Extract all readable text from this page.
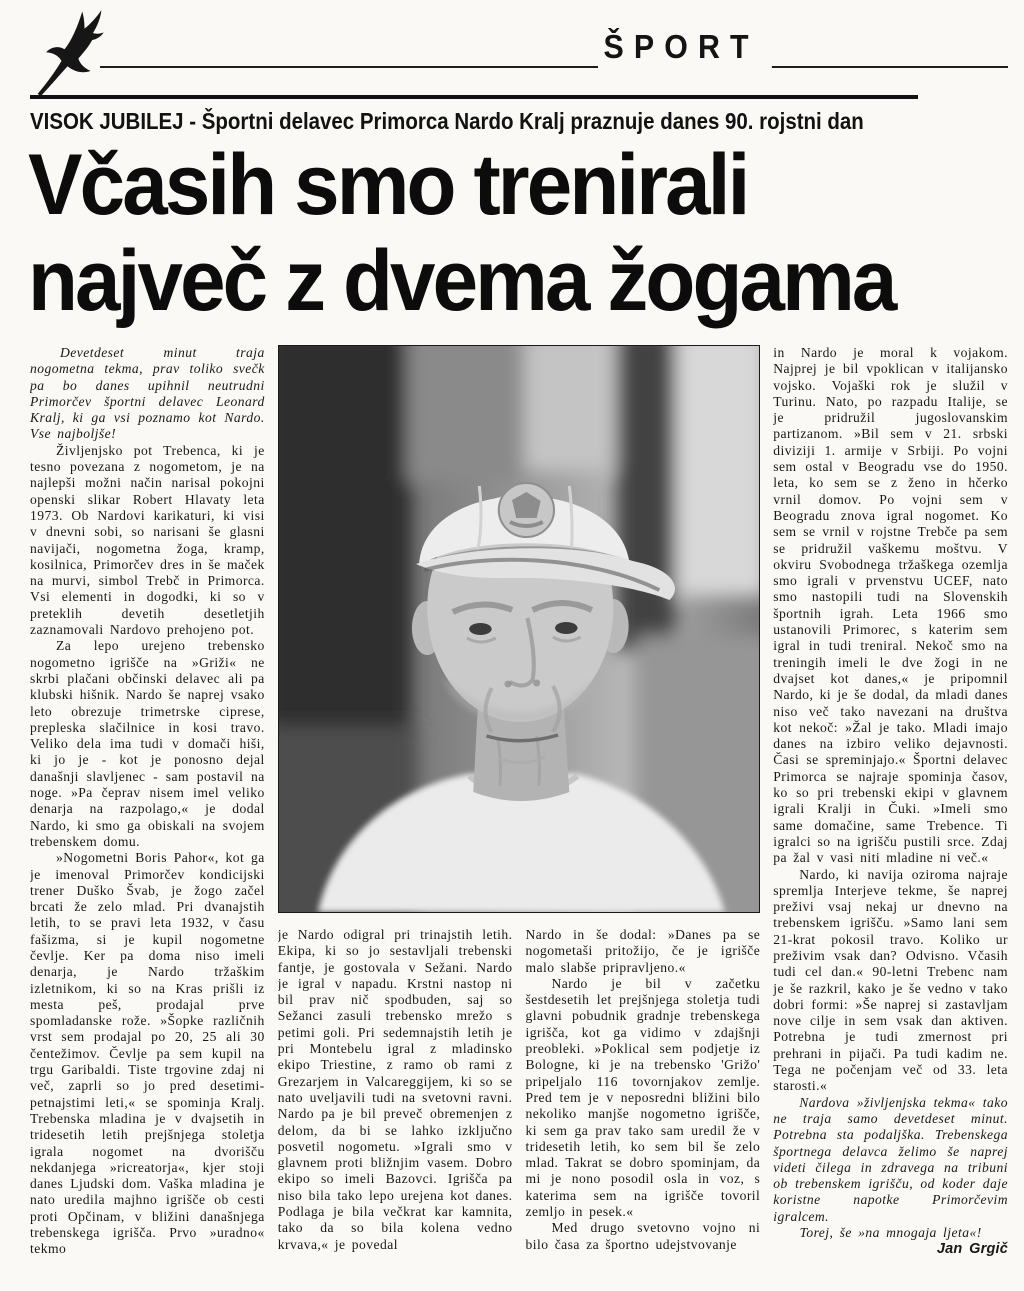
ŠPORT
VISOK JUBILEJ - Športni delavec Primorca Nardo Kralj praznuje danes 90. rojstni dan
Včasih smo trenirali
največ z dvema žogama

Devetdeset minut traja nogometna tekma, prav toliko svečk pa bo danes upihnil neutrudni Primorčev športni delavec Leonard Kralj, ki ga vsi poznamo kot Nardo. Vse najboljše!

Življenjsko pot Trebenca, ki je tesno povezana z nogometom, je na najlepši možni način narisal pokojni openski slikar Robert Hlavaty leta 1973. Ob Nardovi karikaturi, ki visi v dnevni sobi, so narisani še glasni navijači, nogometna žoga, kramp, kosilnica, Primorčev dres in še maček na murvi, simbol Trebč in Primorca. Vsi elementi in dogodki, ki so v preteklih devetih desetletjih zaznamovali Nardovo prehojeno pot.

Za lepo urejeno trebensko nogometno igrišče na »Griži« ne skrbi plačani občinski delavec ali pa klubski hišnik. Nardo še naprej vsako leto obrezuje trimetrske ciprese, prepleska slačilnice in kosi travo. Veliko dela ima tudi v domači hiši, ki jo je - kot je ponosno dejal današnji slavljenec - sam postavil na noge. »Pa čeprav nisem imel veliko denarja na razpolago,« je dodal Nardo, ki smo ga obiskali na svojem trebenskem domu.

»Nogometni Boris Pahor«, kot ga je imenoval Primorčev kondicijski trener Duško Švab, je žogo začel brcati že zelo mlad. Pri dvanajstih letih, to se pravi leta 1932, v času fašizma, si je kupil nogometne čevlje. Ker pa doma niso imeli denarja, je Nardo tržaškim izletnikom, ki so na Kras prišli iz mesta peš, prodajal prve spomladanske rože. »Šopke različnih vrst sem prodajal po 20, 25 ali 30 čentežimov. Čevlje pa sem kupil na trgu Garibaldi. Tiste trgovine zdaj ni več, zaprli so jo pred desetimi-petnajstimi leti,« se spominja Kralj. Trebenska mladina je v dvajsetih in tridesetih letih prejšnjega stoletja igrala nogomet na dvorišču nekdanjega »ricreatorja«, kjer stoji danes Ljudski dom. Vaška mladina je nato uredila majhno igrišče ob cesti proti Opčinam, v bližini današnjega trebenskega igrišča. Prvo »uradno« tekmo

je Nardo odigral pri trinajstih letih. Ekipa, ki so jo sestavljali trebenski fantje, je gostovala v Sežani. Nardo je igral v napadu. Krstni nastop ni bil prav nič spodbuden, saj so Sežanci zasuli trebensko mrežo s petimi goli. Pri sedemnajstih letih je pri Montebelu igral z mladinsko ekipo Triestine, z ramo ob rami z Grezarjem in Valcareggijem, ki so se nato uveljavili tudi na svetovni ravni. Nardo pa je bil preveč obremenjen z delom, da bi se lahko izključno posvetil nogometu. »Igrali smo v glavnem proti bližnjim vasem. Dobro ekipo so imeli Bazovci. Igrišča pa niso bila tako lepo urejena kot danes. Podlaga je bila večkrat kar kamnita, tako da so bila kolena vedno krvava,« je povedal

Nardo in še dodal: »Danes pa se nogometaši pritožijo, če je igrišče malo slabše pripravljeno.«

Nardo je bil v začetku šestdesetih let prejšnjega stoletja tudi glavni pobudnik gradnje trebenskega igrišča, kot ga vidimo v zdajšnji preobleki. »Poklical sem podjetje iz Bologne, ki je na trebensko 'Grižo' pripeljalo 116 tovornjakov zemlje. Pred tem je v neposredni bližini bilo nekoliko manjše nogometno igrišče, ki sem ga prav tako sam uredil že v tridesetih letih, ko sem bil še zelo mlad. Takrat se dobro spominjam, da mi je nono posodil osla in voz, s katerima sem na igrišče tovoril zemljo in pesek.«

Med drugo svetovno vojno ni bilo časa za športno udejstvovanje

in Nardo je moral k vojakom. Najprej je bil vpoklican v italijansko vojsko. Vojaški rok je služil v Turinu. Nato, po razpadu Italije, se je pridružil jugoslovanskim partizanom. »Bil sem v 21. srbski diviziji 1. armije v Srbiji. Po vojni sem ostal v Beogradu vse do 1950. leta, ko sem se z ženo in hčerko vrnil domov. Po vojni sem v Beogradu znova igral nogomet. Ko sem se vrnil v rojstne Trebče pa sem se pridružil vaškemu moštvu. V okviru Svobodnega tržaškega ozemlja smo igrali v prvenstvu UCEF, nato smo nastopili tudi na Slovenskih športnih igrah. Leta 1966 smo ustanovili Primorec, s katerim sem igral in tudi treniral. Nekoč smo na treningih imeli le dve žogi in ne dvajset kot danes,« je pripomnil Nardo, ki je še dodal, da mladi danes niso več tako navezani na društva kot nekoč: »Žal je tako. Mladi imajo danes na izbiro veliko dejavnosti. Časi se spreminjajo.« Športni delavec Primorca se najraje spominja časov, ko so pri trebenski ekipi v glavnem igrali Kralji in Čuki. »Imeli smo same domačine, same Trebence. Ti igralci so na igrišču pustili srce. Zdaj pa žal v vasi niti mladine ni več.«

Nardo, ki navija oziroma najraje spremlja Interjeve tekme, še naprej preživi vsaj nekaj ur dnevno na trebenskem igrišču. »Samo lani sem 21-krat pokosil travo. Koliko ur preživim vsak dan? Odvisno. Včasih tudi cel dan.« 90-letni Trebenc nam je še razkril, kako je še vedno v tako dobri formi: »Še naprej si zastavljam nove cilje in sem vsak dan aktiven. Potrebna je tudi zmernost pri prehrani in pijači. Pa tudi kadim ne. Tega ne počenjam več od 33. leta starosti.«

Nardova »življenjska tekma« tako ne traja samo devetdeset minut. Potrebna sta podaljška. Trebenskega športnega delavca želimo še naprej videti čilega in zdravega na tribuni ob trebenskem igrišču, od koder daje koristne napotke Primorčevim igralcem.

Torej, še »na mnogaja ljeta«!

Jan Grgič
